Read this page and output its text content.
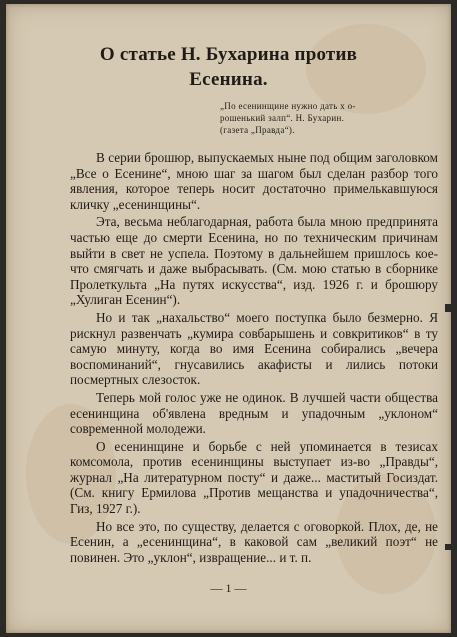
О статье Н. Бухарина против
Есенина.
„По есенинщине нужно дать х о-
рошенький залп“. Н. Бухарин.
(газета „Правда“).

В серии брошюр, выпускаемых ныне под общим заголовком „Все о Есенине“, мною шаг за шагом был сделан разбор того явления, которое теперь носит достаточно примелькавшуюся кличку „есенинщины“.

Эта, весьма неблагодарная, работа была мною предпринята частью еще до смерти Есенина, но по техническим причинам выйти в свет не успела. Поэтому в дальнейшем пришлось кое-что смягчать и даже выбрасывать. (См. мою статью в сборнике Пролеткульта „На путях искусства“, изд. 1926 г. и брошюру „Хулиган Есенин“).

Но и так „нахальство“ моего поступка было безмерно. Я рискнул развенчать „кумира совбарышень и совкритиков“ в ту самую минуту, когда во имя Есенина собирались „вечера воспоминаний“, гнусавились акафисты и лились потоки посмертных слезосток.

Теперь мой голос уже не одинок. В лучшей части общества есенинщина об'явлена вредным и упадочным „уклоном“ современной молодежи.

О есенинщине и борьбе с ней упоминается в тезисах комсомола, против есенинщины выступает из-во „Правды“, журнал „На литературном посту“ и даже... маститый Госиздат. (См. книгу Ермилова „Против мещанства и упадочничества“, Гиз, 1927 г.).

Но все это, по существу, делается с оговоркой. Плох, де, не Есенин, а „есенинщина“, в каковой сам „великий поэт“ не повинен. Это „уклон“, извращение... и т. п.

— 1 —
